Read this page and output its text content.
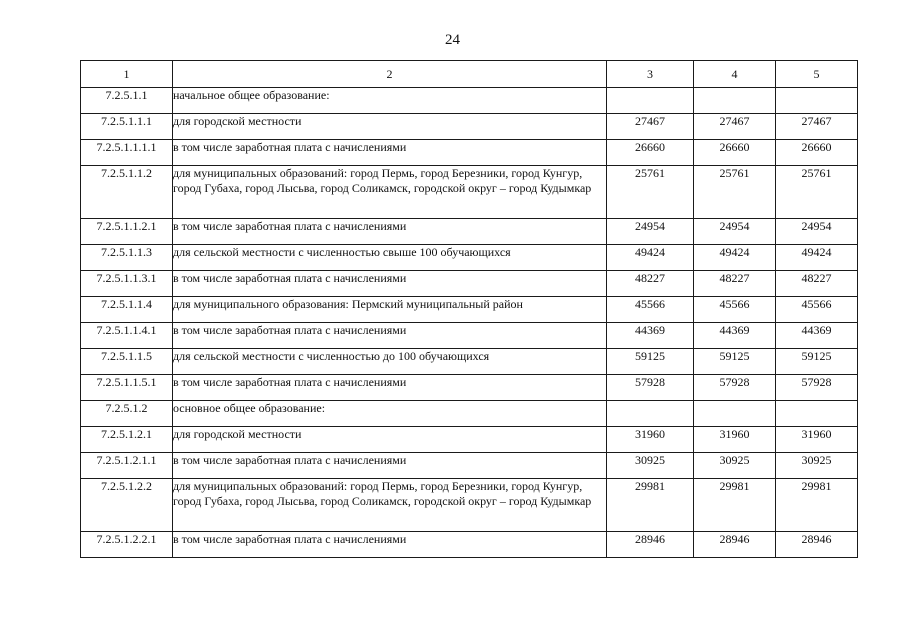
24
1	2	3	4	5
7.2.5.1.1	начальное общее образование:			
7.2.5.1.1.1	для городской местности	27467	27467	27467
7.2.5.1.1.1.1	в том числе заработная плата с начислениями	26660	26660	26660
7.2.5.1.1.2	для муниципальных образований: город Пермь, город Березники, город Кунгур, город Губаха, город Лысьва, город Соликамск, городской округ – город Кудымкар	25761	25761	25761
7.2.5.1.1.2.1	в том числе заработная плата с начислениями	24954	24954	24954
7.2.5.1.1.3	для сельской местности с численностью свыше 100 обучающихся	49424	49424	49424
7.2.5.1.1.3.1	в том числе заработная плата с начислениями	48227	48227	48227
7.2.5.1.1.4	для муниципального образования: Пермский муниципальный район	45566	45566	45566
7.2.5.1.1.4.1	в том числе заработная плата с начислениями	44369	44369	44369
7.2.5.1.1.5	для сельской местности с численностью до 100 обучающихся	59125	59125	59125
7.2.5.1.1.5.1	в том числе заработная плата с начислениями	57928	57928	57928
7.2.5.1.2	основное общее образование:			
7.2.5.1.2.1	для городской местности	31960	31960	31960
7.2.5.1.2.1.1	в том числе заработная плата с начислениями	30925	30925	30925
7.2.5.1.2.2	для муниципальных образований: город Пермь, город Березники, город Кунгур, город Губаха, город Лысьва, город Соликамск, городской округ – город Кудымкар	29981	29981	29981
7.2.5.1.2.2.1	в том числе заработная плата с начислениями	28946	28946	28946
